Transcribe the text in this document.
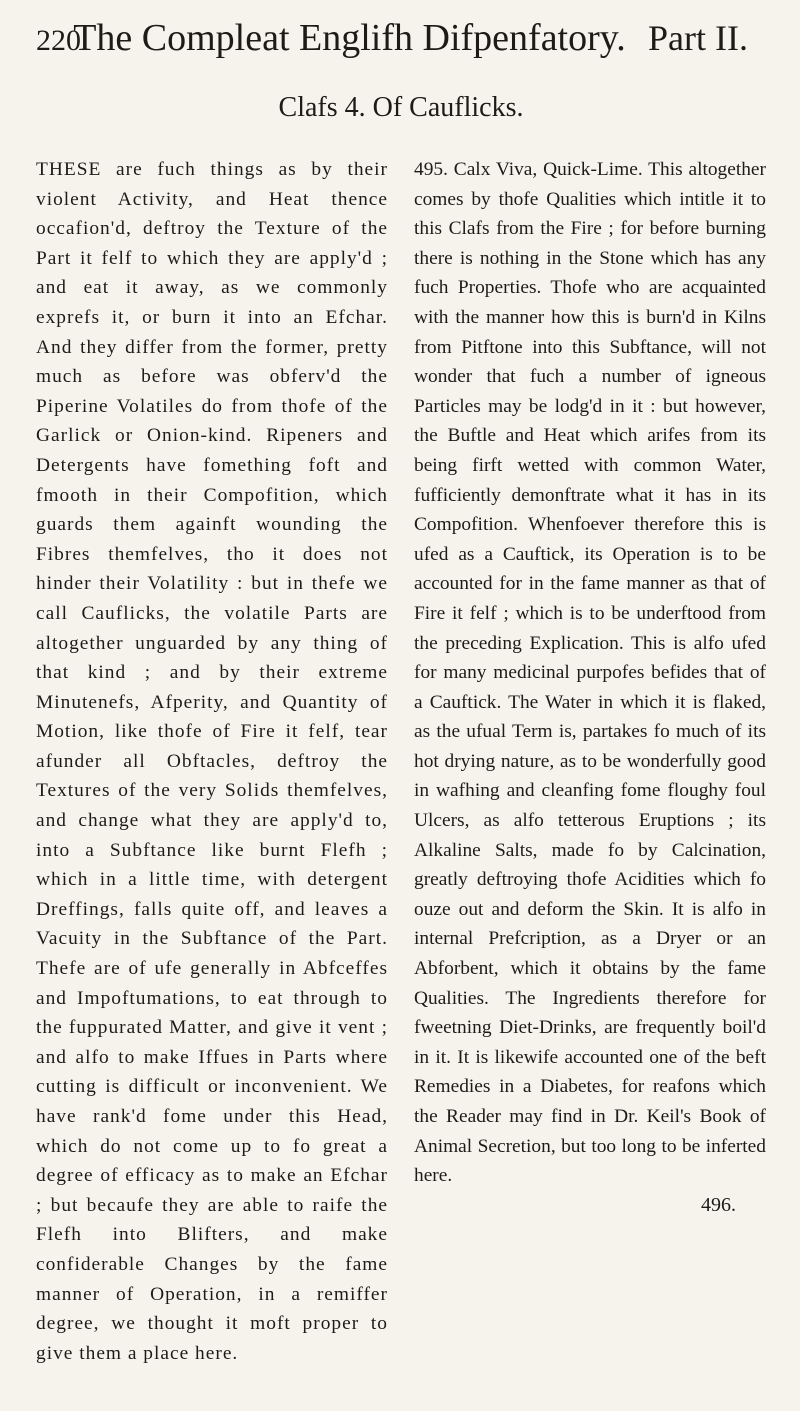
220
The Compleat Englifh Difpenfatory. Part II.
Clafs 4. Of Cauflicks.

THESE are fuch things as by their violent Activity, and Heat thence occafion'd, deftroy the Texture of the Part it felf to which they are apply'd ; and eat it away, as we commonly exprefs it, or burn it into an Efchar. And they differ from the former, pretty much as before was obferv'd the Piperine Volatiles do from thofe of the Garlick or Onion-kind. Ripeners and Detergents have fomething foft and fmooth in their Compofition, which guards them againft wounding the Fibres themfelves, tho it does not hinder their Volatility : but in thefe we call Cauflicks, the volatile Parts are altogether unguarded by any thing of that kind ; and by their extreme Minutenefs, Afperity, and Quantity of Motion, like thofe of Fire it felf, tear afunder all Obftacles, deftroy the Textures of the very Solids themfelves, and change what they are apply'd to, into a Subftance like burnt Flefh ; which in a little time, with detergent Dreffings, falls quite off, and leaves a Vacuity in the Subftance of the Part. Thefe are of ufe generally in Abfceffes and Impoftumations, to eat through to the fuppurated Matter, and give it vent ; and alfo to make Iffues in Parts where cutting is difficult or inconvenient. We have rank'd fome under this Head, which do not come up to fo great a degree of efficacy as to make an Efchar ; but becaufe they are able to raife the Flefh into Blifters, and make confiderable Changes by the fame manner of Operation, in a remiffer degree, we thought it moft proper to give them a place here.

495. Calx Viva, Quick-Lime. This altogether comes by thofe Qualities which intitle it to this Clafs from the Fire ; for before burning there is nothing in the Stone which has any fuch Properties. Thofe who are acquainted with the manner how this is burn'd in Kilns from Pitftone into this Subftance, will not wonder that fuch a number of igneous Particles may be lodg'd in it : but however, the Buftle and Heat which arifes from its being firft wetted with common Water, fufficiently demonftrate what it has in its Compofition. Whenfoever therefore this is ufed as a Cauftick, its Operation is to be accounted for in the fame manner as that of Fire it felf ; which is to be underftood from the preceding Explication. This is alfo ufed for many medicinal purpofes befides that of a Cauftick. The Water in which it is flaked, as the ufual Term is, partakes fo much of its hot drying nature, as to be wonderfully good in wafhing and cleanfing fome floughy foul Ulcers, as alfo tetterous Eruptions ; its Alkaline Salts, made fo by Calcination, greatly deftroying thofe Acidities which fo ouze out and deform the Skin. It is alfo in internal Prefcription, as a Dryer or an Abforbent, which it obtains by the fame Qualities. The Ingredients therefore for fweetning Diet-Drinks, are frequently boil'd in it. It is likewife accounted one of the beft Remedies in a Diabetes, for reafons which the Reader may find in Dr. Keil's Book of Animal Secretion, but too long to be inferted here.

496.
